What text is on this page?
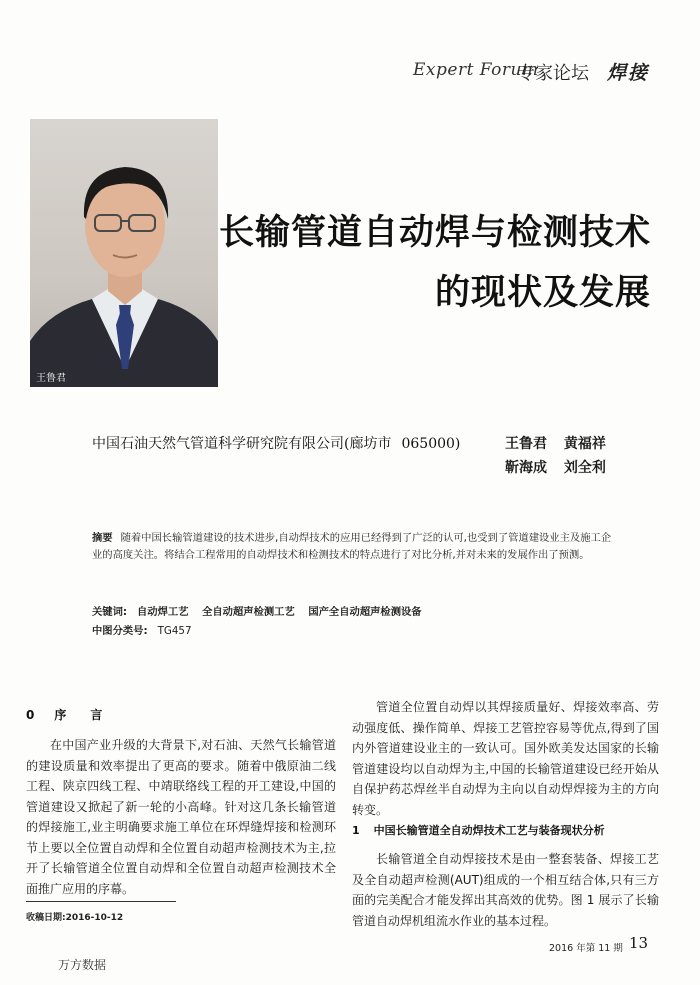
Expert Forum
专家论坛 焊接
王鲁君
长输管道自动焊与检测技术
的现状及发展
中国石油天然气管道科学研究院有限公司(廊坊市 065000)	王鲁君 黄福祥
靳海成 刘全利
摘要 随着中国长输管道建设的技术进步,自动焊技术的应用已经得到了广泛的认可,也受到了管道建设业主及施工企业的高度关注。将结合工程常用的自动焊技术和检测技术的特点进行了对比分析,并对未来的发展作出了预测。
关键词: 自动焊工艺 全自动超声检测工艺 国产全自动超声检测设备
中图分类号: TG457
0 序言
在中国产业升级的大背景下,对石油、天然气长输管道的建设质量和效率提出了更高的要求。随着中俄原油二线工程、陕京四线工程、中靖联络线工程的开工建设,中国的管道建设又掀起了新一轮的小高峰。针对这几条长输管道的焊接施工,业主明确要求施工单位在环焊缝焊接和检测环节上要以全位置自动焊和全位置自动超声检测技术为主,拉开了长输管道全位置自动焊和全位置自动超声检测技术全面推广应用的序幕。
收稿日期:2016-10-12
管道全位置自动焊以其焊接质量好、焊接效率高、劳动强度低、操作简单、焊接工艺管控容易等优点,得到了国内外管道建设业主的一致认可。国外欧美发达国家的长输管道建设均以自动焊为主,中国的长输管道建设已经开始从自保护药芯焊丝半自动焊为主向以自动焊焊接为主的方向转变。
1 中国长输管道全自动焊技术工艺与装备现状分析
长输管道全自动焊接技术是由一整套装备、焊接工艺及全自动超声检测(AUT)组成的一个相互结合体,只有三方面的完美配合才能发挥出其高效的优势。图 1 展示了长输管道自动焊机组流水作业的基本过程。
2016 年第 11 期 13
万方数据
